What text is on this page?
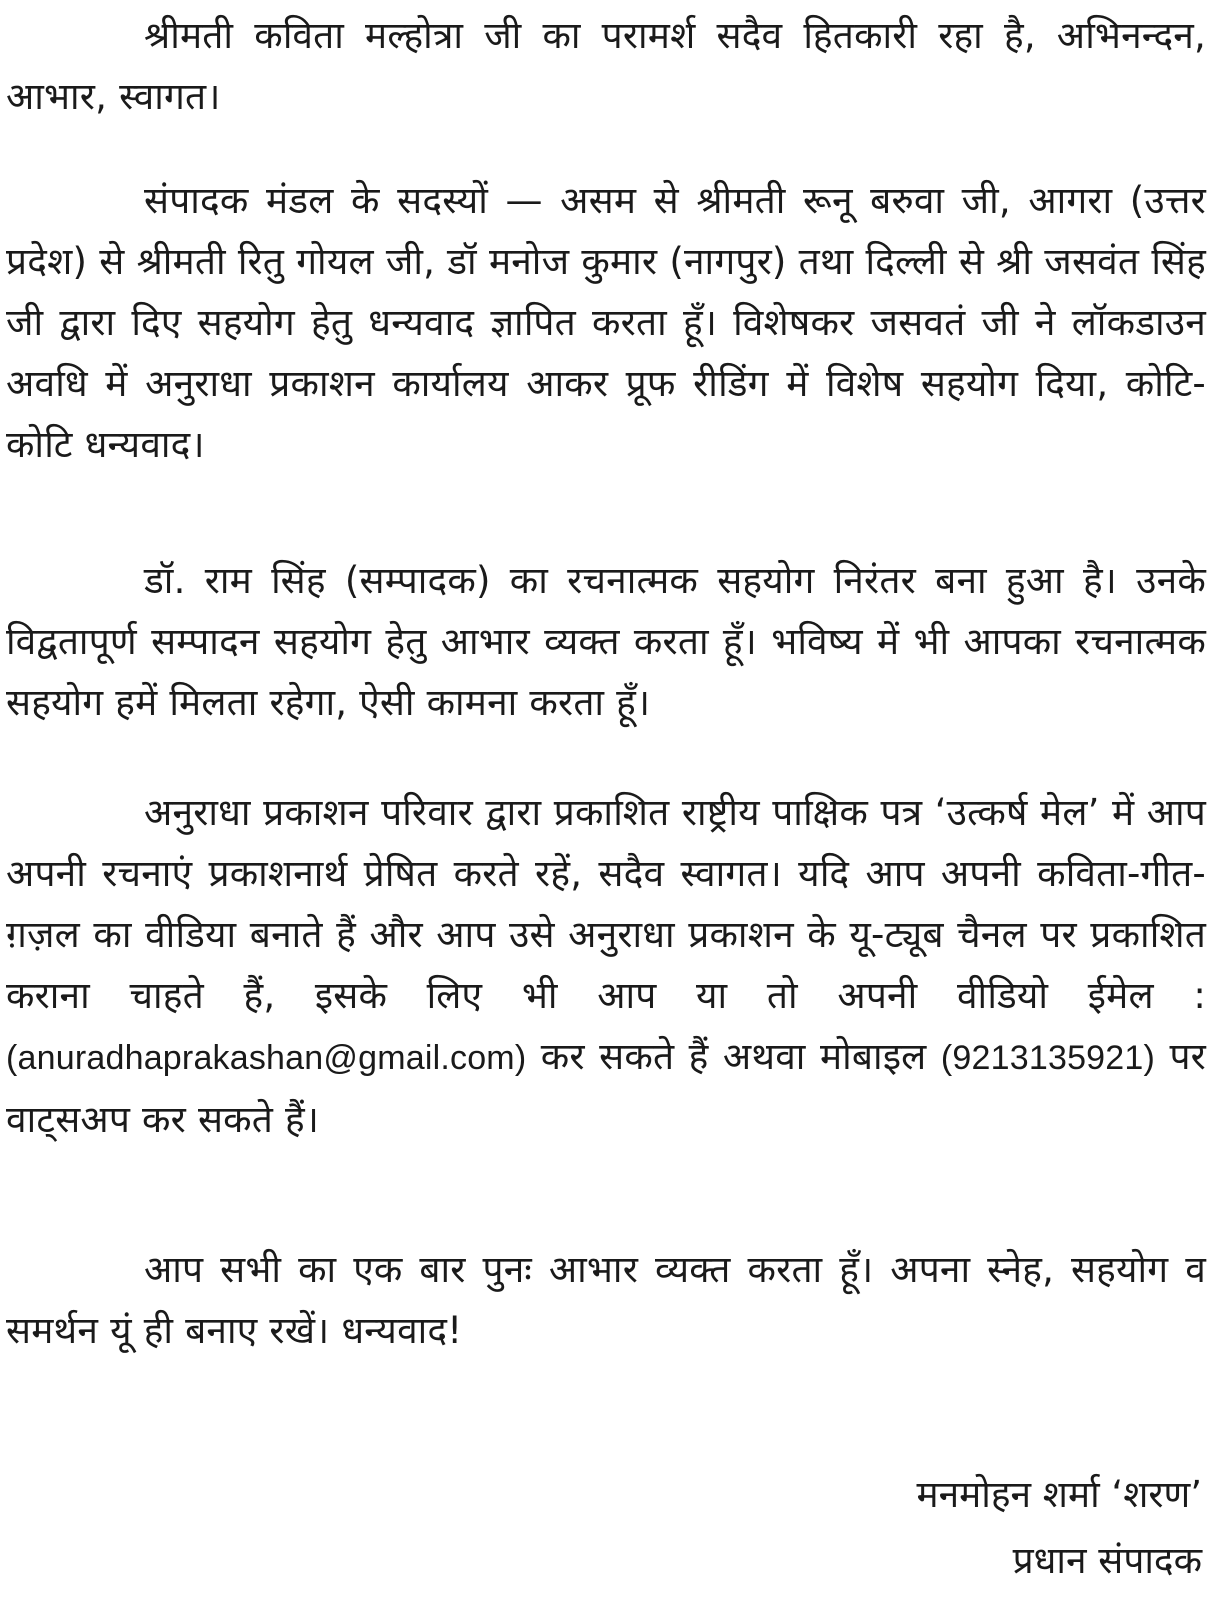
श्रीमती कविता मल्होत्रा जी का परामर्श सदैव हितकारी रहा है, अभिनन्दन, आभार, स्वागत।

संपादक मंडल के सदस्यों — असम से श्रीमती रूनू बरुवा जी, आगरा (उत्तर प्रदेश) से श्रीमती रितु गोयल जी, डॉ मनोज कुमार (नागपुर) तथा दिल्ली से श्री जसवंत सिंह जी द्वारा दिए सहयोग हेतु धन्यवाद ज्ञापित करता हूँ। विशेषकर जसवतं जी ने लॉकडाउन अवधि में अनुराधा प्रकाशन कार्यालय आकर प्रूफ रीडिंग में विशेष सहयोग दिया, कोटि-कोटि धन्यवाद।

डॉ. राम सिंह (सम्पादक) का रचनात्मक सहयोग निरंतर बना हुआ है। उनके विद्वतापूर्ण सम्पादन सहयोग हेतु आभार व्यक्त करता हूँ। भविष्य में भी आपका रचनात्मक सहयोग हमें मिलता रहेगा, ऐसी कामना करता हूँ।

अनुराधा प्रकाशन परिवार द्वारा प्रकाशित राष्ट्रीय पाक्षिक पत्र ‘उत्कर्ष मेल’ में आप अपनी रचनाएं प्रकाशनार्थ प्रेषित करते रहें, सदैव स्वागत। यदि आप अपनी कविता-गीत-ग़ज़ल का वीडिया बनाते हैं और आप उसे अनुराधा प्रकाशन के यू-ट्यूब चैनल पर प्रकाशित कराना चाहते हैं, इसके लिए भी आप या तो अपनी वीडियो ईमेल : (anuradhaprakashan@gmail.com) कर सकते हैं अथवा मोबाइल (9213135921) पर वाट्सअप कर सकते हैं।

आप सभी का एक बार पुनः आभार व्यक्त करता हूँ। अपना स्नेह, सहयोग व समर्थन यूं ही बनाए रखें। धन्यवाद!

मनमोहन शर्मा ‘शरण’
प्रधान संपादक
